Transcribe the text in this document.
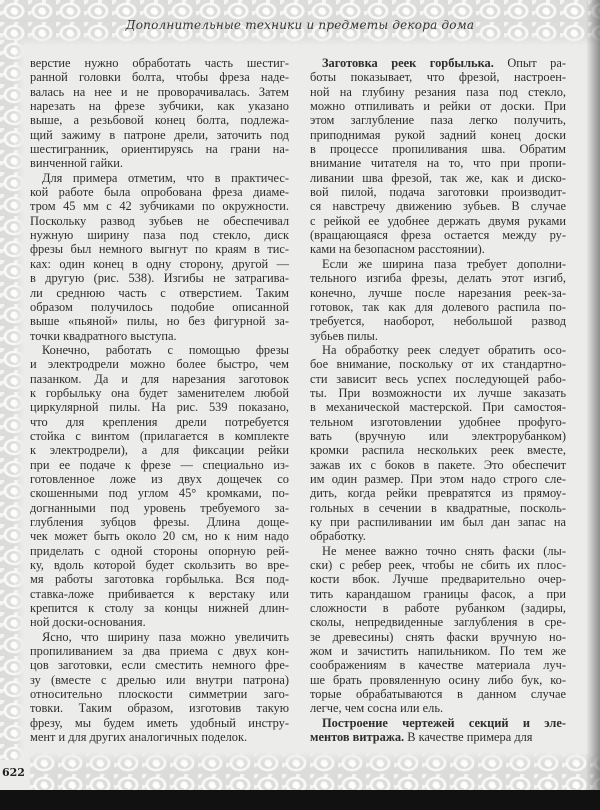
Дополнительные техники и предметы декора дома
622
верстие нужно обработать часть шестиг-
ранной головки болта, чтобы фреза наде-
валась на нее и не проворачивалась. Затем
нарезать на фрезе зубчики, как указано
выше, а резьбовой конец болта, подлежа-
щий зажиму в патроне дрели, заточить под
шестигранник, ориентируясь на грани на-
винченной гайки.
Для примера отметим, что в практичес-
кой работе была опробована фреза диаме-
тром 45 мм с 42 зубчиками по окружности.
Поскольку развод зубьев не обеспечивал
нужную ширину паза под стекло, диск
фрезы был немного выгнут по краям в тис-
ках: один конец в одну сторону, другой —
в другую (рис. 538). Изгибы не затрагива-
ли среднюю часть с отверстием. Таким
образом получилось подобие описанной
выше «пьяной» пилы, но без фигурной за-
точки квадратного выступа.
Конечно, работать с помощью фрезы
и электродрели можно более быстро, чем
пазанком. Да и для нарезания заготовок
к горбыльку она будет заменителем любой
циркулярной пилы. На рис. 539 показано,
что для крепления дрели потребуется
стойка с винтом (прилагается в комплекте
к электродрели), а для фиксации рейки
при ее подаче к фрезе — специально из-
готовленное ложе из двух дощечек со
скошенными под углом 45° кромками, по-
догнанными под уровень требуемого за-
глубления зубцов фрезы. Длина доще-
чек может быть около 20 см, но к ним надо
приделать с одной стороны опорную рей-
ку, вдоль которой будет скользить во вре-
мя работы заготовка горбылька. Вся под-
ставка-ложе прибивается к верстаку или
крепится к столу за концы нижней длин-
ной доски-основания.
Ясно, что ширину паза можно увеличить
пропиливанием за два приема с двух кон-
цов заготовки, если сместить немного фре-
зу (вместе с дрелью или внутри патрона)
относительно плоскости симметрии заго-
товки. Таким образом, изготовив такую
фрезу, мы будем иметь удобный инстру-
мент и для других аналогичных поделок.
Заготовка реек горбылька. Опыт ра-
боты показывает, что фрезой, настроен-
ной на глубину резания паза под стекло,
можно отпиливать и рейки от доски. При
этом заглубление паза легко получить,
приподнимая рукой задний конец доски
в процессе пропиливания шва. Обратим
внимание читателя на то, что при пропи-
ливании шва фрезой, так же, как и диско-
вой пилой, подача заготовки производит-
ся навстречу движению зубьев. В случае
с рейкой ее удобнее держать двумя руками
(вращающаяся фреза остается между ру-
ками на безопасном расстоянии).
Если же ширина паза требует дополни-
тельного изгиба фрезы, делать этот изгиб,
конечно, лучше после нарезания реек-за-
готовок, так как для долевого распила по-
требуется, наоборот, небольшой развод
зубьев пилы.
На обработку реек следует обратить осо-
бое внимание, поскольку от их стандартно-
сти зависит весь успех последующей рабо-
ты. При возможности их лучше заказать
в механической мастерской. При самостоя-
тельном изготовлении удобнее профуго-
вать (вручную или электрорубанком)
кромки распила нескольких реек вместе,
зажав их с боков в пакете. Это обеспечит
им один размер. При этом надо строго сле-
дить, когда рейки превратятся из прямоу-
гольных в сечении в квадратные, посколь-
ку при распиливании им был дан запас на
обработку.
Не менее важно точно снять фаски (лы-
ски) с ребер реек, чтобы не сбить их плос-
кости вбок. Лучше предварительно очер-
тить карандашом границы фасок, а при
сложности в работе рубанком (задиры,
сколы, непредвиденные заглубления в сре-
зе древесины) снять фаски вручную но-
жом и зачистить напильником. По тем же
соображениям в качестве материала луч-
ше брать провяленную осину либо бук, ко-
торые обрабатываются в данном случае
легче, чем сосна или ель.
Построение чертежей секций и эле-
ментов витража. В качестве примера для
